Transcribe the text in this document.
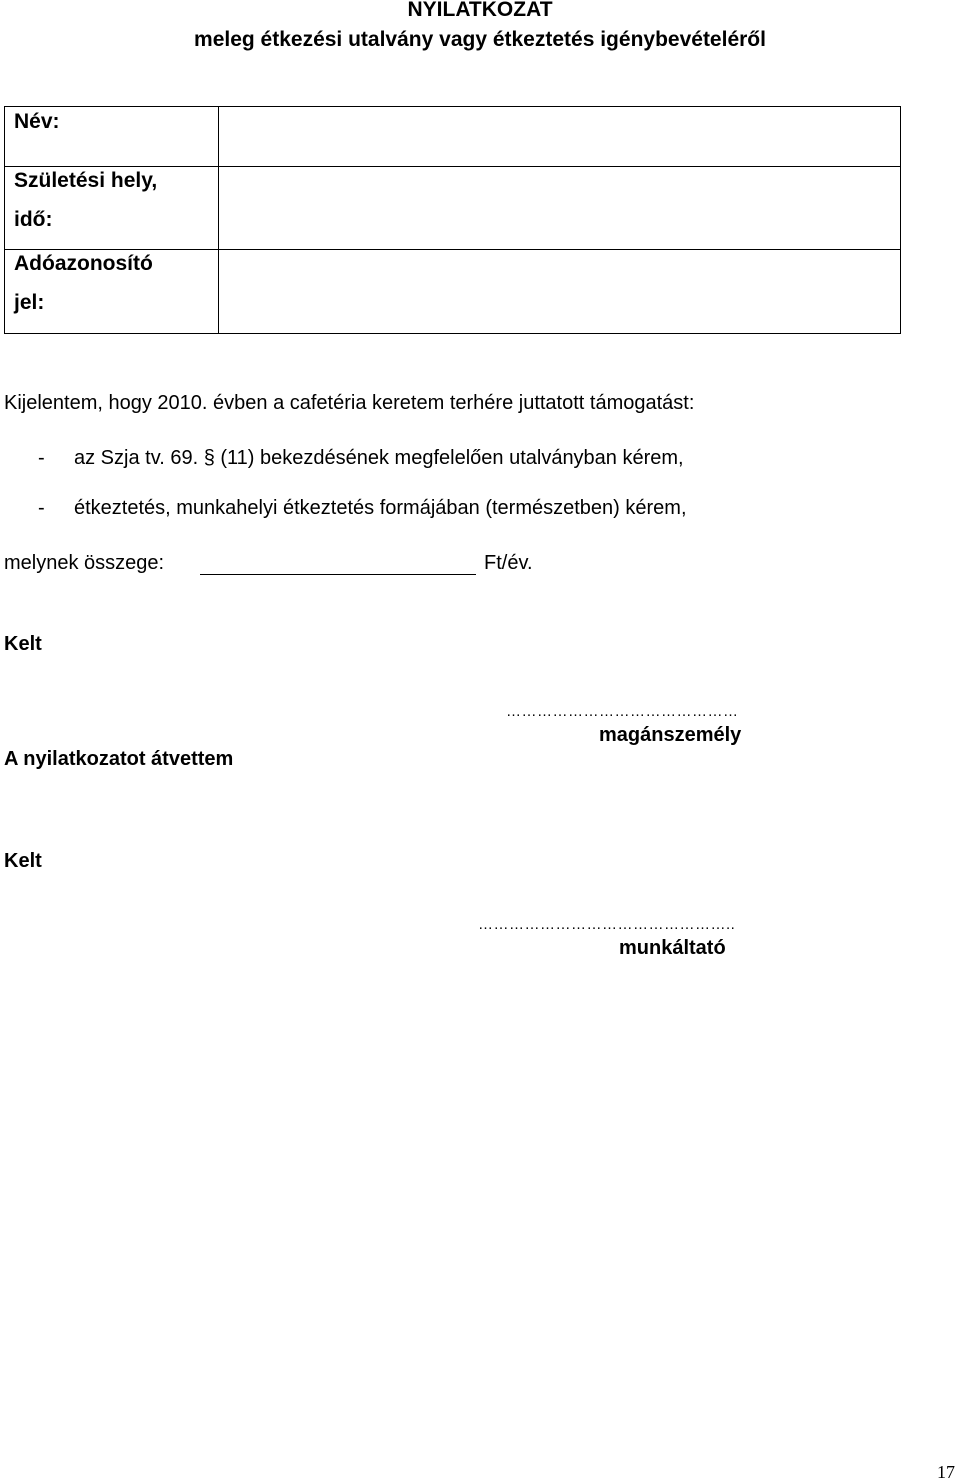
NYILATKOZAT
meleg étkezési utalvány vagy étkeztetés igénybevételéről
Név:	

Születési hely,
idő:	

Adóazonosító
jel:	

Kijelentem, hogy 2010. évben a cafetéria keretem terhére juttatott támogatást:
- az Szja tv. 69. § (11) bekezdésének megfelelően utalványban kérem,
- étkeztetés, munkahelyi étkeztetés formájában (természetben) kérem,
melynek összege:	Ft/év.
Kelt
………………………………………
magánszemély
A nyilatkozatot átvettem
Kelt
…………………………………………..
munkáltató
17
